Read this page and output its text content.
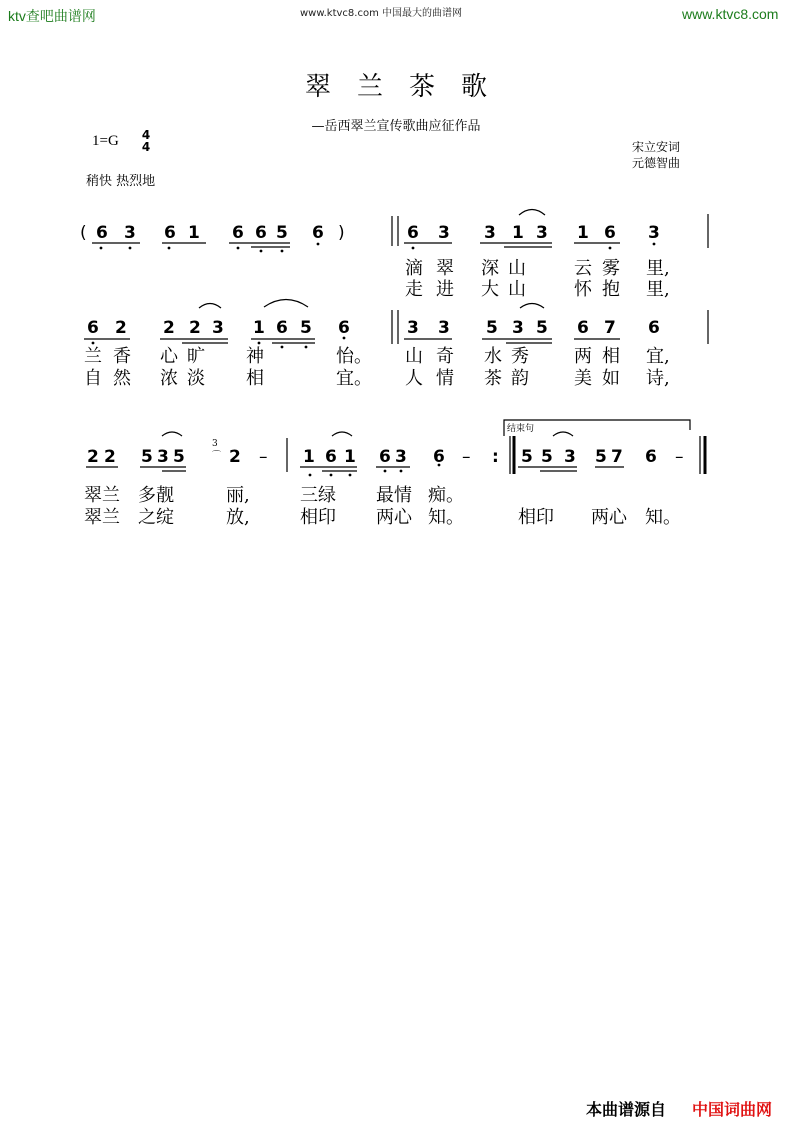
ktv查吧曲谱网	www.ktvc8.com 中国最大的曲谱网	www.ktvc8.com
翠兰茶歌
—岳西翠兰宣传歌曲应征作品
1=G 4
4
稍快 热烈地
宋立安词
元德智曲
( 6 3 6 1 6 6 5 6 )	6 3 3 1 3 1 6 3
滴 翠 深 山	云 雾 里,
走 进 大 山	怀 抱 里,
6 2 2 2 3 1 6 5 6	3 3 5 3 5 6 7 6
兰 香 心 旷 神	怡。 山 奇 水 秀	两 相 宜,
自 然 浓 淡 相	宜。 人 情 茶 韵	美 如 诗,
2 2 5 3 5
3
⌒ 2 – 1 6 1 6 3 6 – :
结束句
5 5 3 5 7 6 –
翠兰 多靓	丽,	三绿 最情 痴。
翠兰 之绽	放,	相印 两心 知。	相印 两心 知。
本曲谱源自 中国词曲网
